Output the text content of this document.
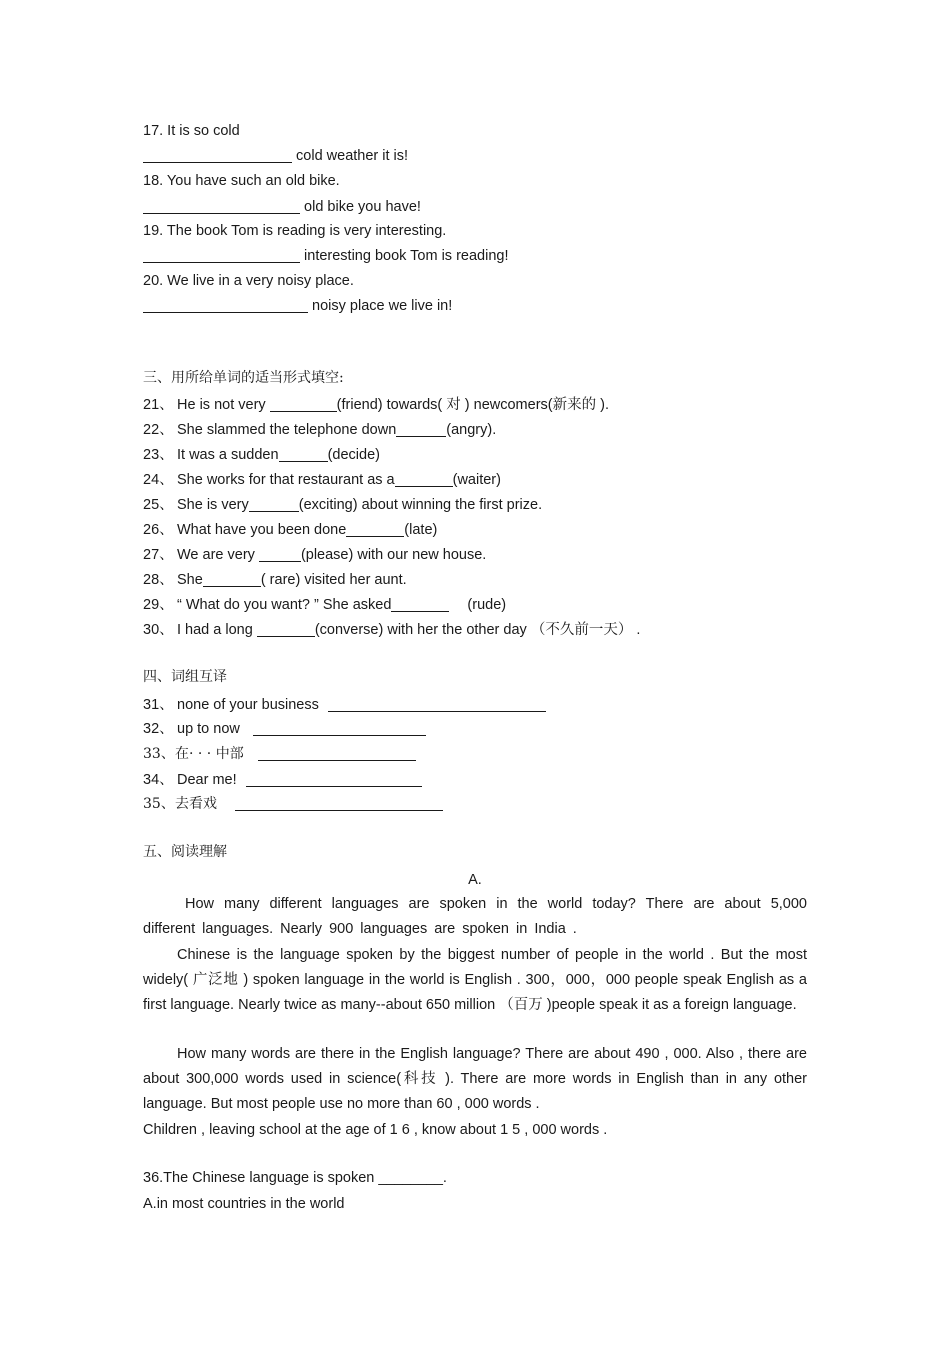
17. It is so cold
cold weather it is!
18. You have such an old bike.
old bike you have!
19. The book Tom is reading is very interesting.
interesting book Tom is reading!
20. We live in a very noisy place.
noisy place we live in!
三、用所给单词的适当形式填空:
21、 He is not very	(friend) towards( 对 ) newcomers(新来的 ).
22、 She slammed the telephone down	(angry).
23、 It was a sudden	(decide)
24、 She works for that restaurant as a	(waiter)
25、 She is very	(exciting) about winning the first prize.
26、 What have you been done	(late)
27、 We are very	(please) with our new house.
28、 She	( rare) visited her aunt.
29、 “ What do you want? ” She asked	(rude)
30、 I had a long	(converse) with her the other day （不久前一天） .
四、词组互译
31、 none of your business
32、 up to now
33、在· · · 中部
34、 Dear me!
35、去看戏
五、阅读理解
A.
How many different languages are spoken in the world today? There are about 5,000 different languages. Nearly 900 languages are spoken in India .
Chinese is the language spoken by the biggest number of people in the world . But the most widely( 广泛地 ) spoken language in the world is English . 300，000，000 people speak English as a first language. Nearly twice as many--about 650 million （百万 )people speak it as a foreign language.
How many words are there in the English language? There are about 490 , 000. Also , there are about 300,000 words used in science(科技 ). There are more words in English than in any other language. But most people use no more than 60 , 000 words .
Children , leaving school at the age of 1 6 , know about 1 5 , 000 words .
36.The Chinese language is spoken ________.
A.in most countries in the world
